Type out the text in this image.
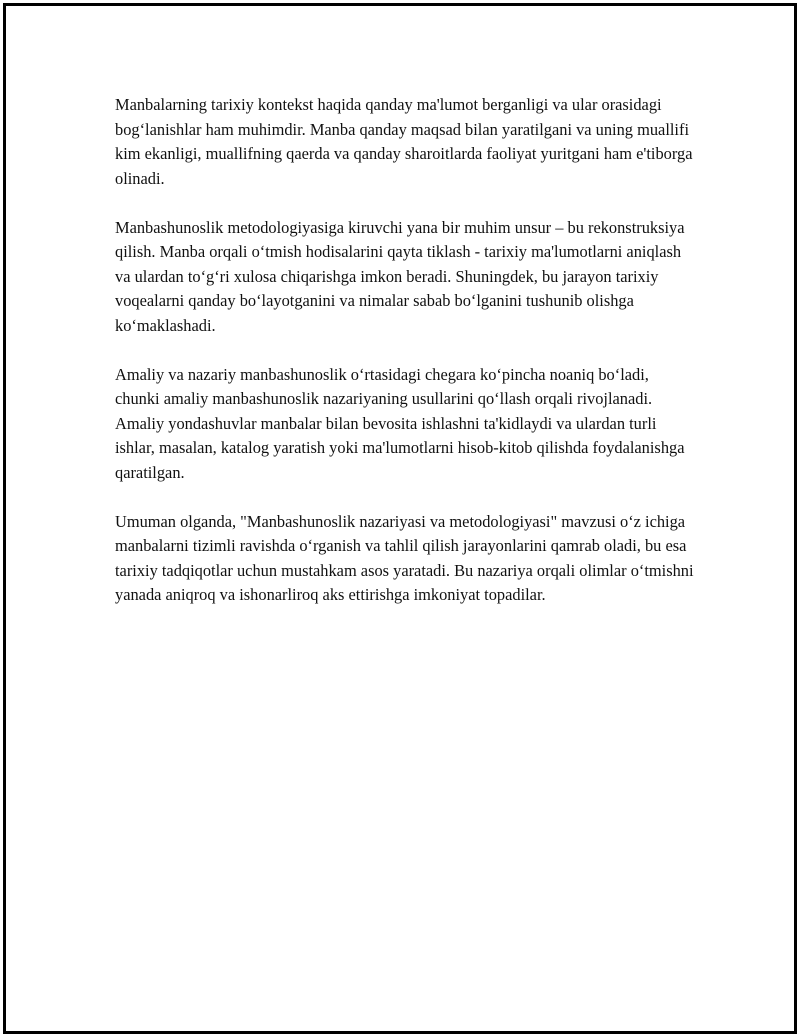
Manbalarning tarixiy kontekst haqida qanday ma'lumot berganligi va ular orasidagi bog‘lanishlar ham muhimdir. Manba qanday maqsad bilan yaratilgani va uning muallifi kim ekanligi, muallifning qaerda va qanday sharoitlarda faoliyat yuritgani ham e'tiborga olinadi.

Manbashunoslik metodologiyasiga kiruvchi yana bir muhim unsur – bu rekonstruksiya qilish. Manba orqali o‘tmish hodisalarini qayta tiklash - tarixiy ma'lumotlarni aniqlash va ulardan to‘g‘ri xulosa chiqarishga imkon beradi. Shuningdek, bu jarayon tarixiy voqealarni qanday bo‘layotganini va nimalar sabab bo‘lganini tushunib olishga ko‘maklashadi.

Amaliy va nazariy manbashunoslik o‘rtasidagi chegara ko‘pincha noaniq bo‘ladi, chunki amaliy manbashunoslik nazariyaning usullarini qo‘llash orqali rivojlanadi. Amaliy yondashuvlar manbalar bilan bevosita ishlashni ta'kidlaydi va ulardan turli ishlar, masalan, katalog yaratish yoki ma'lumotlarni hisob-kitob qilishda foydalanishga qaratilgan.

Umuman olganda, "Manbashunoslik nazariyasi va metodologiyasi" mavzusi o‘z ichiga manbalarni tizimli ravishda o‘rganish va tahlil qilish jarayonlarini qamrab oladi, bu esa tarixiy tadqiqotlar uchun mustahkam asos yaratadi. Bu nazariya orqali olimlar o‘tmishni yanada aniqroq va ishonarliroq aks ettirishga imkoniyat topadilar.
